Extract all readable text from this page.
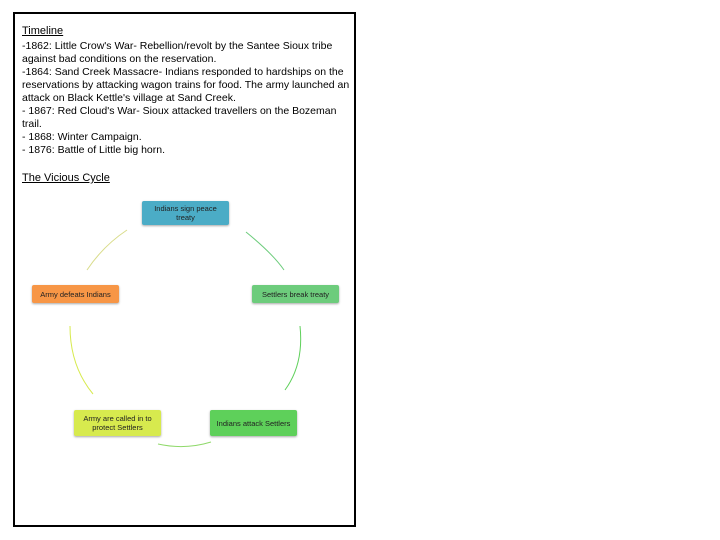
Timeline

-1862: Little Crow's War- Rebellion/revolt by the Santee Sioux tribe against bad conditions on the reservation.

-1864: Sand Creek Massacre- Indians responded to hardships on the reservations by attacking wagon trains for food. The army launched an attack on Black Kettle's village at Sand Creek.

- 1867: Red Cloud's War- Sioux attacked travellers on the Bozeman trail.

- 1868: Winter Campaign.

- 1876: Battle of Little big horn.

The Vicious Cycle
Indians sign peace treaty
Settlers break treaty
Indians attack Settlers
Army are called in to protect Settlers
Army defeats Indians
